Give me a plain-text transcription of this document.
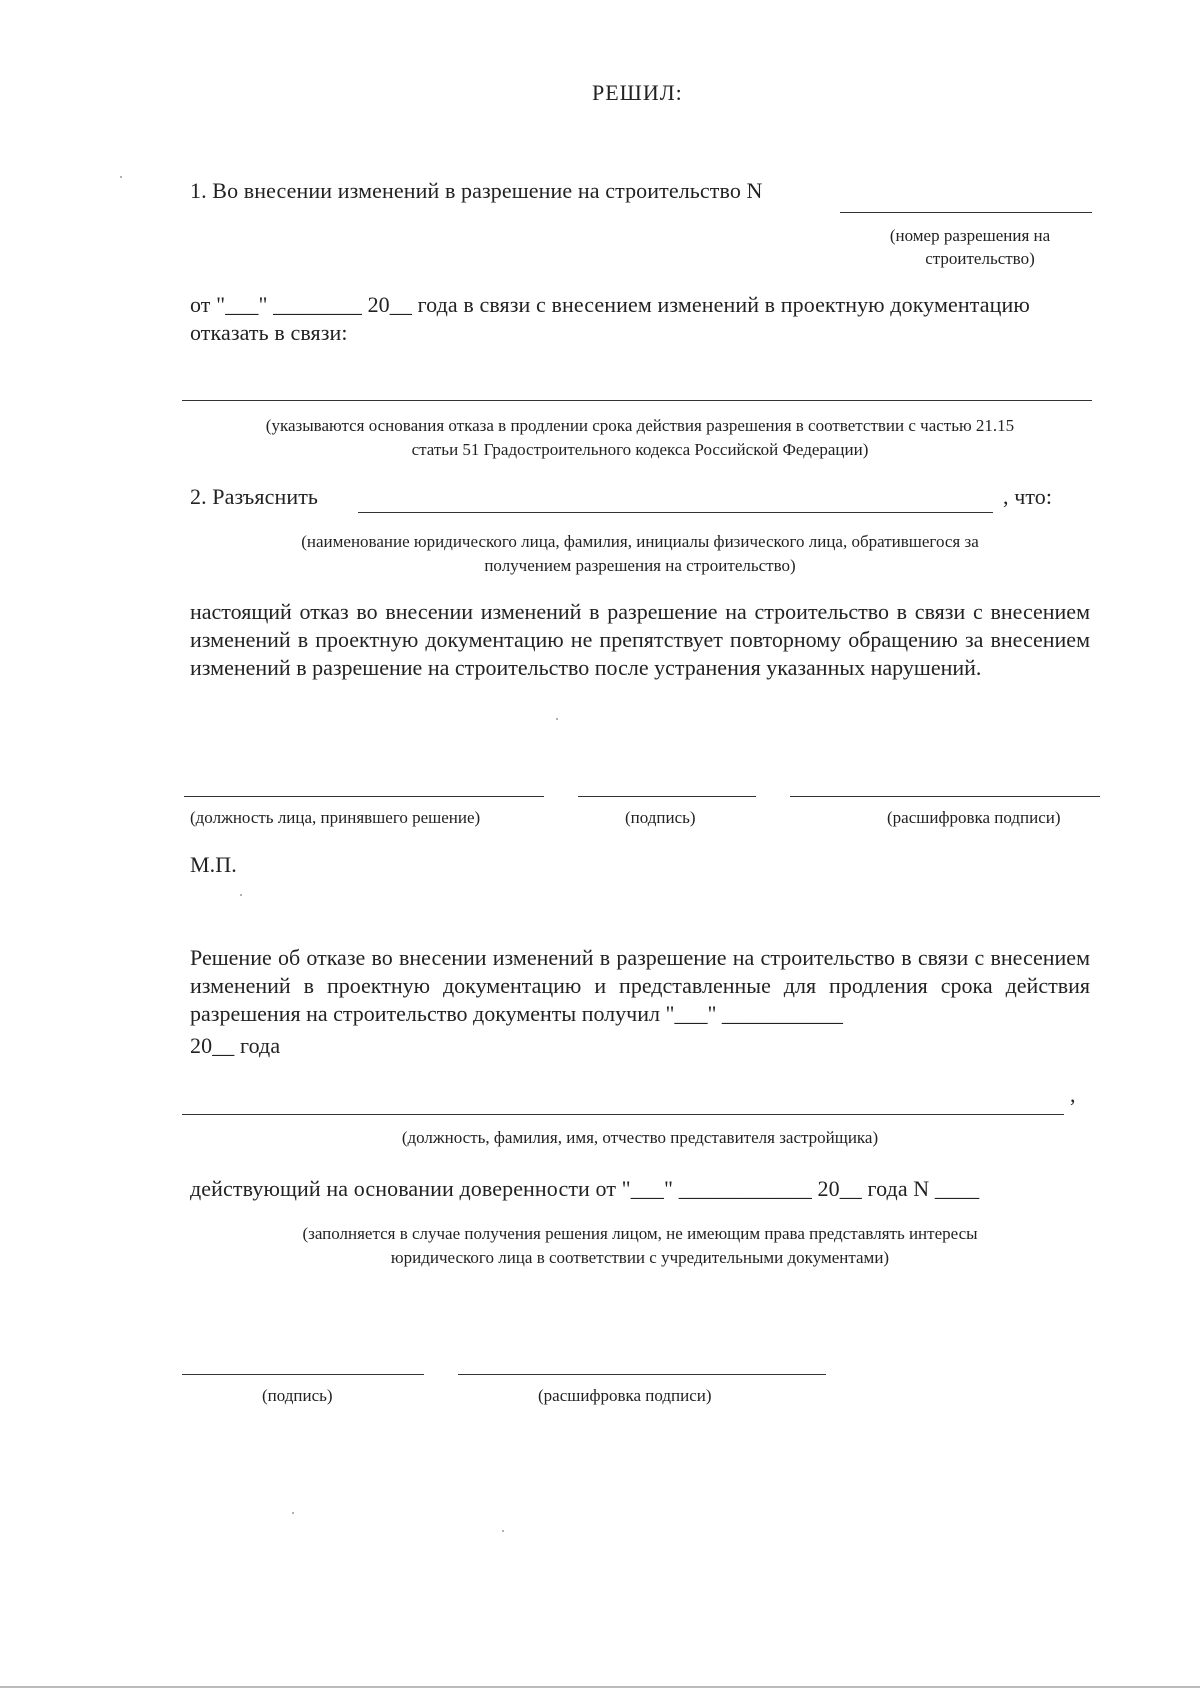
РЕШИЛ:
1. Во внесении изменений в разрешение на строительство N
(номер разрешения на
строительство)
от "___" ________ 20__ года в связи с внесением изменений в проектную документацию
отказать в связи:
(указываются основания отказа в продлении срока действия разрешения в соответствии с частью 21.15
статьи 51 Градостроительного кодекса Российской Федерации)
2. Разъяснить	, что:
(наименование юридического лица, фамилия, инициалы физического лица, обратившегося за
получением разрешения на строительство)
настоящий отказ во внесении изменений в разрешение на строительство в связи с внесением изменений в проектную документацию не препятствует повторному обращению за внесением изменений в разрешение на строительство после устранения указанных нарушений.
(должность лица, принявшего решение)	(подпись)	(расшифровка подписи)
М.П.
Решение об отказе во внесении изменений в разрешение на строительство в связи с внесением изменений в проектную документацию и представленные для продления срока действия разрешения на строительство документы получил "___" ___________
20__ года
,
(должность, фамилия, имя, отчество представителя застройщика)
действующий на основании доверенности от "___" ____________ 20__ года N ____
(заполняется в случае получения решения лицом, не имеющим права представлять интересы
юридического лица в соответствии с учредительными документами)
(подпись)	(расшифровка подписи)
